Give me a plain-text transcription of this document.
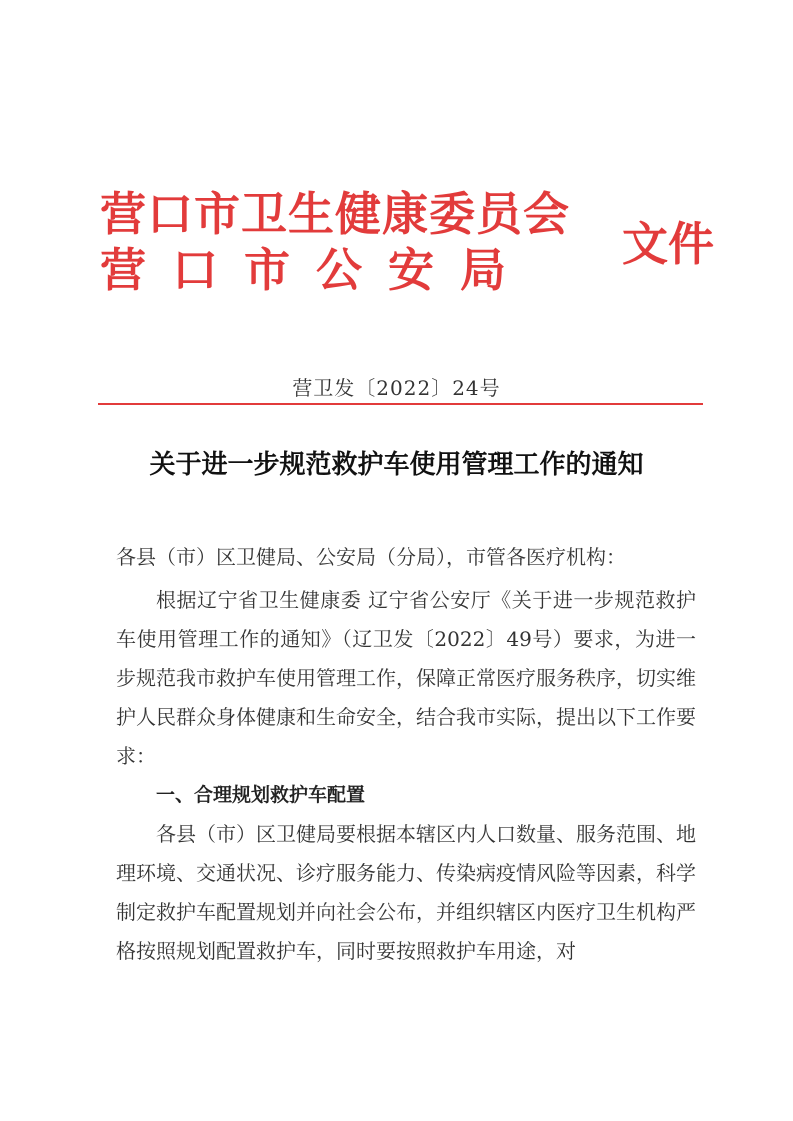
营口市卫生健康委员会
营口市公安局 文件
营卫发〔2022〕24号
关于进一步规范救护车使用管理工作的通知

各县（市）区卫健局、公安局（分局），市管各医疗机构：

根据辽宁省卫生健康委 辽宁省公安厅《关于进一步规范救护车使用管理工作的通知》（辽卫发〔2022〕49号）要求，为进一步规范我市救护车使用管理工作，保障正常医疗服务秩序，切实维护人民群众身体健康和生命安全，结合我市实际，提出以下工作要求：

一、合理规划救护车配置

各县（市）区卫健局要根据本辖区内人口数量、服务范围、地理环境、交通状况、诊疗服务能力、传染病疫情风险等因素，科学制定救护车配置规划并向社会公布，并组织辖区内医疗卫生机构严格按照规划配置救护车，同时要按照救护车用途，对
